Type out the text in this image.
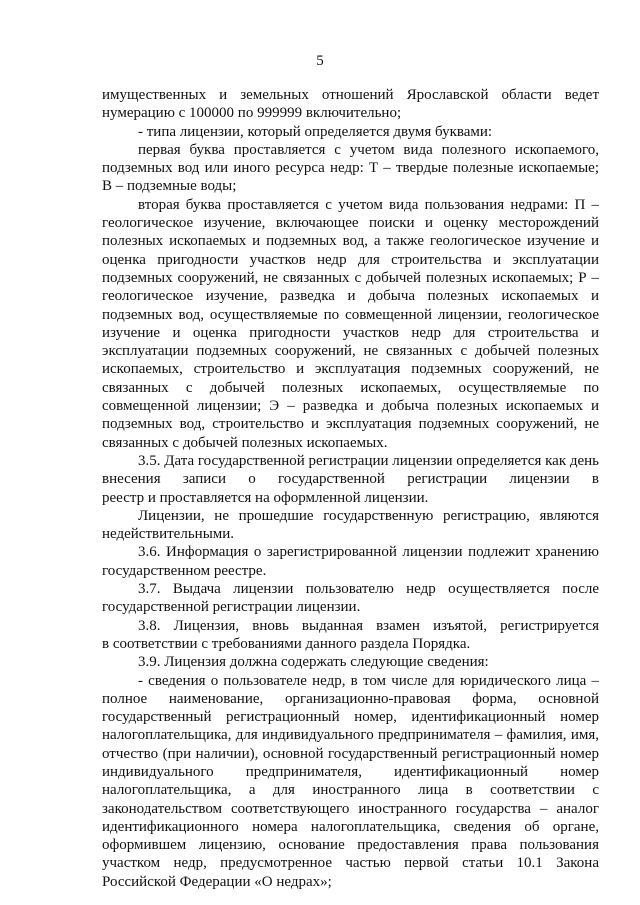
5
имущественных и земельных отношений Ярославской области ведет
нумерацию с 100000 по 999999 включительно;
- типа лицензии, который определяется двумя буквами:
первая буква проставляется с учетом вида полезного ископаемого,
подземных вод или иного ресурса недр: Т – твердые полезные ископаемые;
В – подземные воды;
вторая буква проставляется с учетом вида пользования недрами: П –
геологическое изучение, включающее поиски и оценку месторождений
полезных ископаемых и подземных вод, а также геологическое изучение и
оценка пригодности участков недр для строительства и эксплуатации
подземных сооружений, не связанных с добычей полезных ископаемых; Р –
геологическое изучение, разведка и добыча полезных ископаемых и
подземных вод, осуществляемые по совмещенной лицензии, геологическое
изучение и оценка пригодности участков недр для строительства и
эксплуатации подземных сооружений, не связанных с добычей полезных
ископаемых, строительство и эксплуатация подземных сооружений, не
связанных с добычей полезных ископаемых, осуществляемые по
совмещенной лицензии; Э – разведка и добыча полезных ископаемых и
подземных вод, строительство и эксплуатация подземных сооружений, не
связанных с добычей полезных ископаемых.
3.5. Дата государственной регистрации лицензии определяется как день
внесения записи о государственной регистрации лицензии в
реестр и проставляется на оформленной лицензии.
Лицензии, не прошедшие государственную регистрацию, являются
недействительными.
3.6. Информация о зарегистрированной лицензии подлежит хранению
государственном реестре.
3.7. Выдача лицензии пользователю недр осуществляется после
государственной регистрации лицензии.
3.8. Лицензия, вновь выданная взамен изъятой, регистрируется
в соответствии с требованиями данного раздела Порядка.
3.9. Лицензия должна содержать следующие сведения:
- сведения о пользователе недр, в том числе для юридического лица –
полное наименование, организационно-правовая форма, основной
государственный регистрационный номер, идентификационный номер
налогоплательщика, для индивидуального предпринимателя – фамилия, имя,
отчество (при наличии), основной государственный регистрационный номер
индивидуального предпринимателя, идентификационный номер
налогоплательщика, а для иностранного лица в соответствии с
законодательством соответствующего иностранного государства – аналог
идентификационного номера налогоплательщика, сведения об органе,
оформившем лицензию, основание предоставления права пользования
участком недр, предусмотренное частью первой статьи 10.1 Закона
Российской Федерации «О недрах»;
